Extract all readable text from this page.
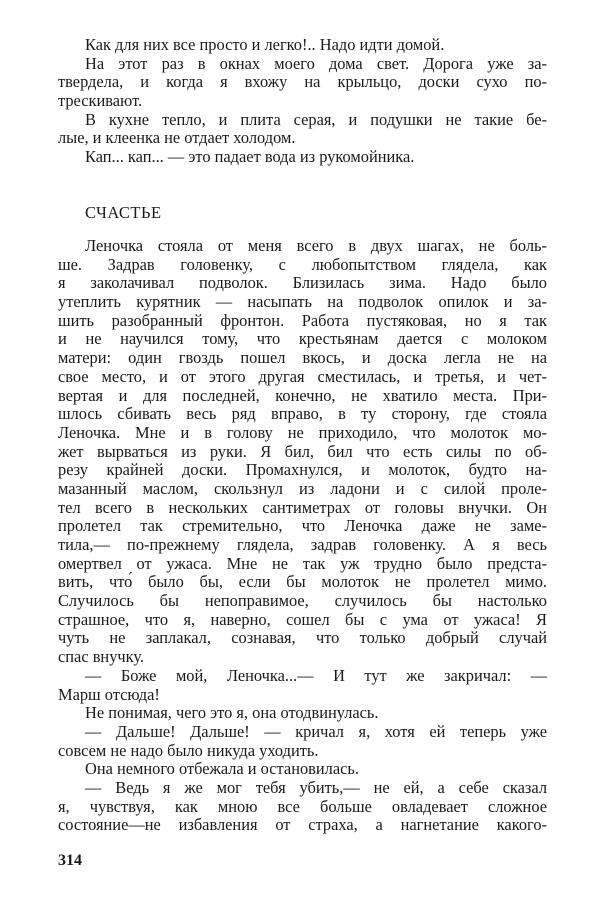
Как для них все просто и легко!.. Надо идти домой.
На этот раз в окнах моего дома свет. Дорога уже за-
твердела, и когда я вхожу на крыльцо, доски сухо по-
трескивают.
В кухне тепло, и плита серая, и подушки не такие бе-
лые, и клеенка не отдает холодом.
Кап... кап... — это падает вода из рукомойника.
СЧАСТЬЕ
Леночка стояла от меня всего в двух шагах, не боль-
ше. Задрав головенку, с любопытством глядела, как
я заколачивал подволок. Близилась зима. Надо было
утеплить курятник — насыпать на подволок опилок и за-
шить разобранный фронтон. Работа пустяковая, но я так
и не научился тому, что крестьянам дается с молоком
матери: один гвоздь пошел вкось, и доска легла не на
свое место, и от этого другая сместилась, и третья, и чет-
вертая и для последней, конечно, не хватило места. При-
шлось сбивать весь ряд вправо, в ту сторону, где стояла
Леночка. Мне и в голову не приходило, что молоток мо-
жет вырваться из руки. Я бил, бил что есть силы по об-
резу крайней доски. Промахнулся, и молоток, будто на-
мазанный маслом, скользнул из ладони и с силой проле-
тел всего в нескольких сантиметрах от головы внучки. Он
пролетел так стремительно, что Леночка даже не заме-
тила,— по-прежнему глядела, задрав головенку. А я весь
омертвел от ужаса. Мне не так уж трудно было предста-
вить, что́ было бы, если бы молоток не пролетел мимо.
Случилось бы непоправимое, случилось бы настолько
страшное, что я, наверно, сошел бы с ума от ужаса! Я
чуть не заплакал, сознавая, что только добрый случай
спас внучку.
— Боже мой, Леночка...— И тут же закричал: —
Марш отсюда!
Не понимая, чего это я, она отодвинулась.
— Дальше! Дальше! — кричал я, хотя ей теперь уже
совсем не надо было никуда уходить.
Она немного отбежала и остановилась.
— Ведь я же мог тебя убить,— не ей, а себе сказал
я, чувствуя, как мною все больше овладевает сложное
состояние—не избавления от страха, а нагнетание какого-
314
